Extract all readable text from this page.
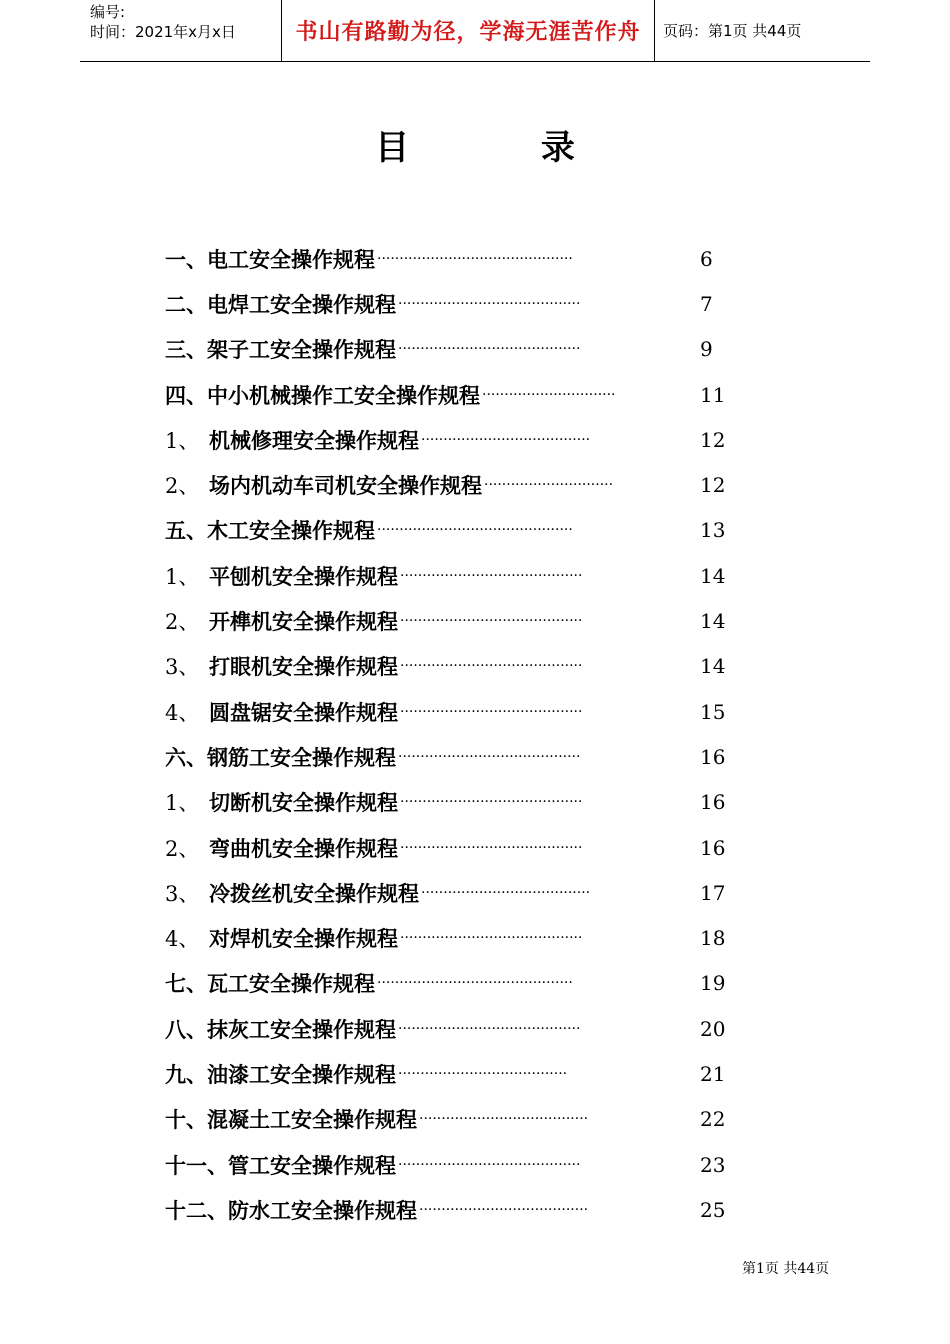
编号:
时间：2021年x月x日	书山有路勤为径，学海无涯苦作舟	页码：第1页 共44页
目 录
一、电工安全操作规程 ············································	6
二、电焊工安全操作规程 ·········································	7
三、架子工安全操作规程 ·········································	9
四、中小机械操作工安全操作规程 ······························	11
1、 机械修理安全操作规程 ······································	12
2、 场内机动车司机安全操作规程 ·····························	12
五、木工安全操作规程 ············································	13
1、 平刨机安全操作规程 ·········································	14
2、 开榫机安全操作规程 ·········································	14
3、 打眼机安全操作规程 ·········································	14
4、 圆盘锯安全操作规程 ·········································	15
六、钢筋工安全操作规程 ·········································	16
1、 切断机安全操作规程 ·········································	16
2、 弯曲机安全操作规程 ·········································	16
3、 冷拨丝机安全操作规程 ······································	17
4、 对焊机安全操作规程 ·········································	18
七、瓦工安全操作规程 ············································	19
八、抹灰工安全操作规程 ·········································	20
九、油漆工安全操作规程 ······································	21
十、混凝土工安全操作规程 ······································	22
十一、管工安全操作规程 ·········································	23
十二、防水工安全操作规程 ······································	25
第1页 共44页
